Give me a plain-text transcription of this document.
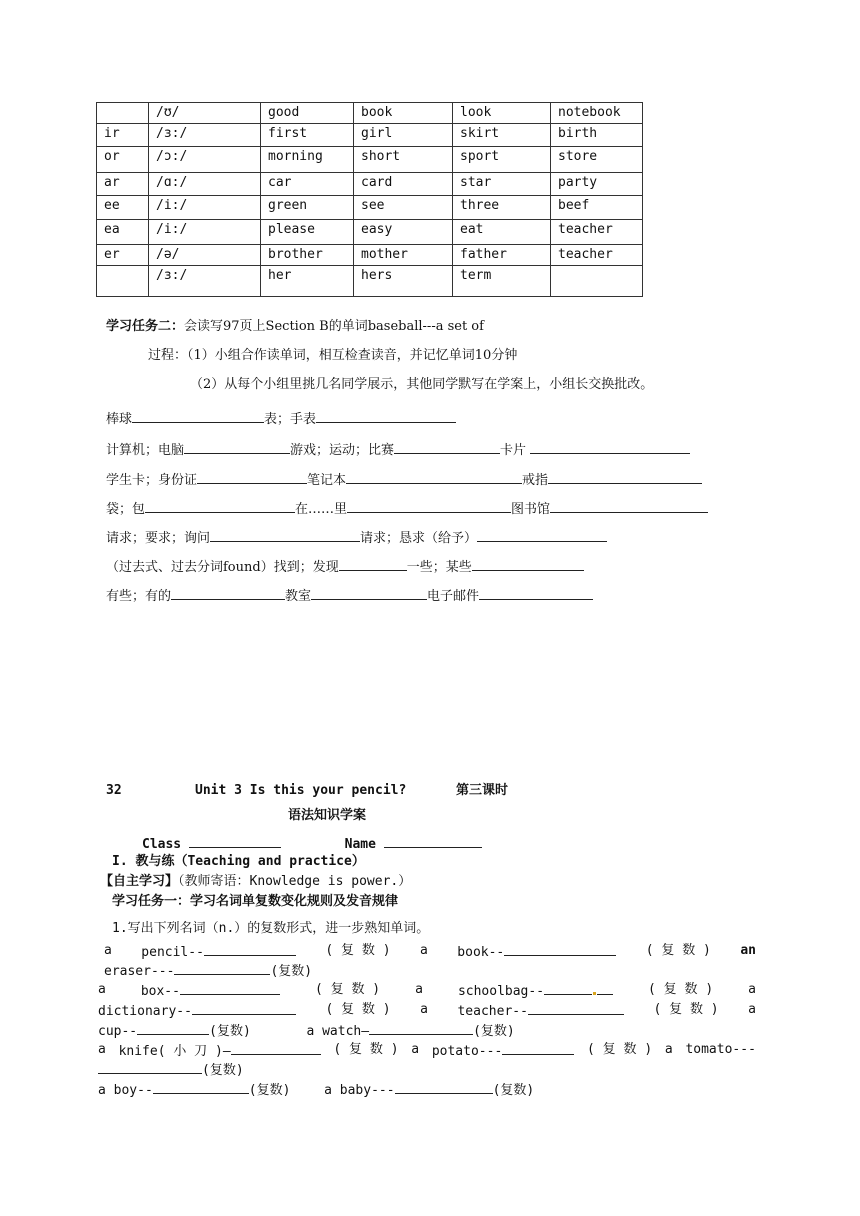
	/ʊ/	good	book	look	notebook
ir	/ɜ:/	first	girl	skirt	birth
or	/ɔ:/	morning	short	sport	store
ar	/ɑ:/	car	card	star	party
ee	/i:/	green	see	three	beef
ea	/i:/	please	easy	eat	teacher
er	/ə/	brother	mother	father	teacher
	/ɜ:/	her	hers	term	
学习任务二：会读写97页上Section B的单词baseball---a set of
过程：（1）小组合作读单词，相互检查读音，并记忆单词10分钟
（2）从每个小组里挑几名同学展示，其他同学默写在学案上，小组长交换批改。
棒球	表；手表
计算机；电脑	游戏；运动；比赛	卡片
学生卡；身份证	笔记本	戒指
袋；包	在……里	图书馆
请求；要求；询问	请求；恳求（给予）
（过去式、过去分词found）找到；发现	一些；某些
有些；有的	教室	电子邮件
32	Unit 3 Is this your pencil?	第三课时
语法知识学案
Class	Name
I. 教与练（Teaching and practice）
【自主学习】（教师寄语：Knowledge is power.）
学习任务一：学习名词单复数变化规则及发音规律
1.写出下列名词（n.）的复数形式，进一步熟知单词。
a pencil--	( 复 数 ) a book--	( 复 数 ) an
eraser---	(复数)
a	box--	( 复 数 )	a	schoolbag--	( 复 数 )	a
dictionary--	( 复 数 ) a teacher--	( 复 数 ) a
cup--	(复数)	a watch—	(复数)
a knife( 小 刀 )—	( 复 数 ) a potato---	( 复 数 ) a tomato---
(复数)
a boy--	(复数)	a baby---	(复数)
